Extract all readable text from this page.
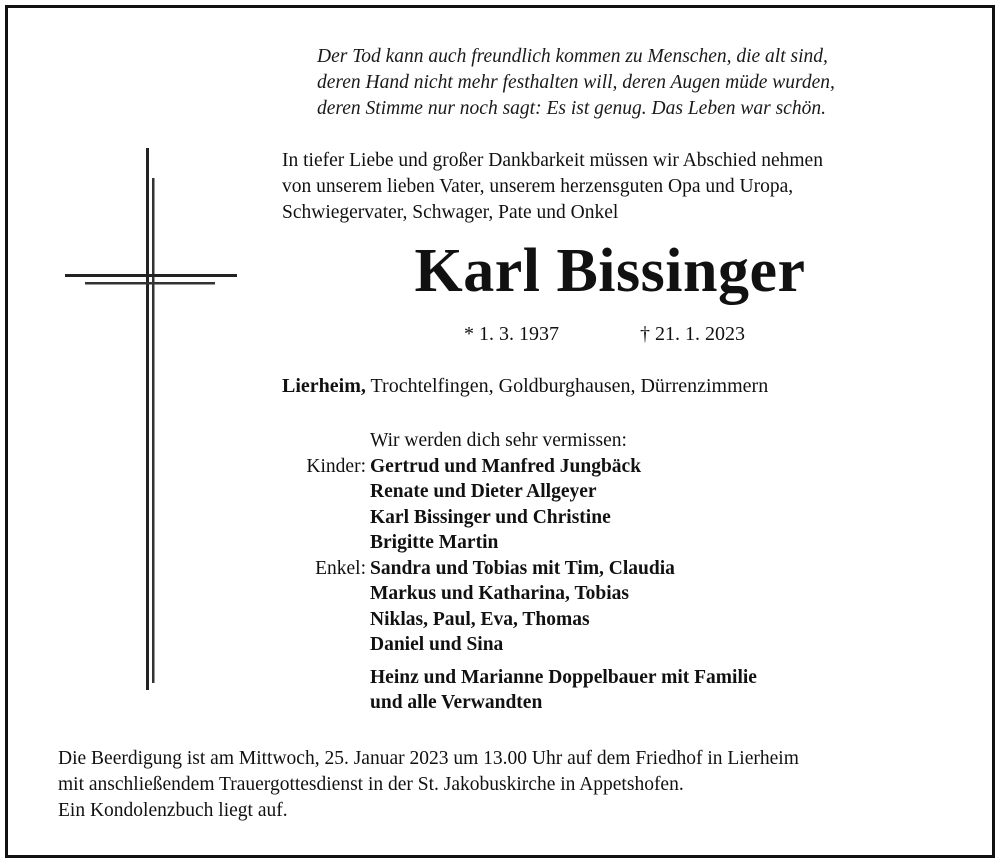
Der Tod kann auch freundlich kommen zu Menschen, die alt sind,
deren Hand nicht mehr festhalten will, deren Augen müde wurden,
deren Stimme nur noch sagt: Es ist genug. Das Leben war schön.
In tiefer Liebe und großer Dankbarkeit müssen wir Abschied nehmen
von unserem lieben Vater, unserem herzensguten Opa und Uropa,
Schwiegervater, Schwager, Pate und Onkel
Karl Bissinger
* 1. 3. 1937	† 21. 1. 2023
Lierheim, Trochtelfingen, Goldburghausen, Dürrenzimmern
Wir werden dich sehr vermissen:
Kinder: Gertrud und Manfred Jungbäck
Renate und Dieter Allgeyer
Karl Bissinger und Christine
Brigitte Martin
Enkel: Sandra und Tobias mit Tim, Claudia
Markus und Katharina, Tobias
Niklas, Paul, Eva, Thomas
Daniel und Sina
Heinz und Marianne Doppelbauer mit Familie
und alle Verwandten
Die Beerdigung ist am Mittwoch, 25. Januar 2023 um 13.00 Uhr auf dem Friedhof in Lierheim
mit anschließendem Trauergottesdienst in der St. Jakobuskirche in Appetshofen.
Ein Kondolenzbuch liegt auf.
